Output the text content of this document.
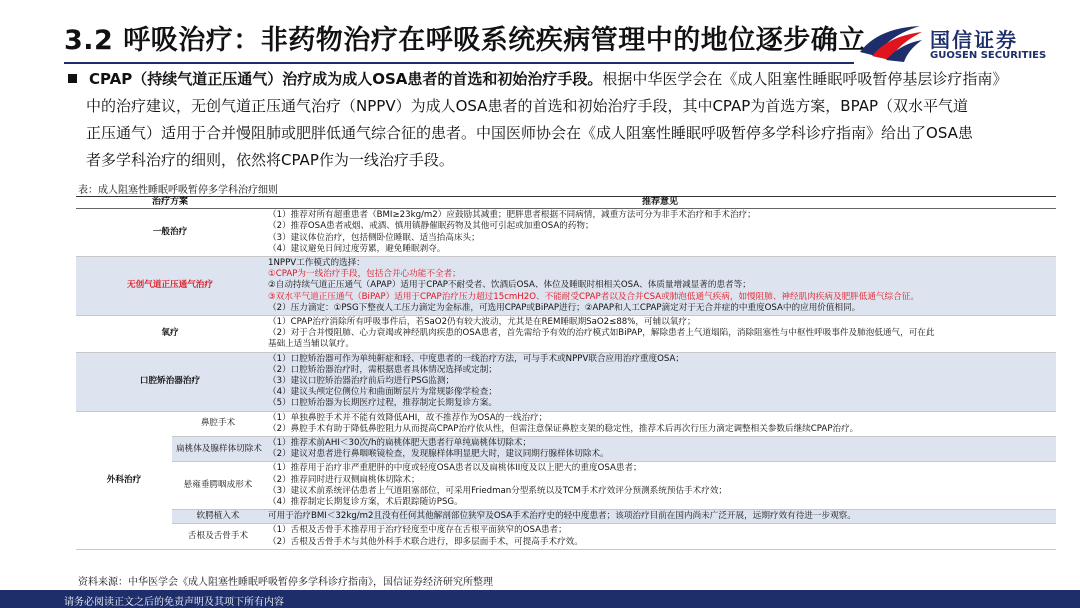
3.2 呼吸治疗：非药物治疗在呼吸系统疾病管理中的地位逐步确立	国信证券
GUOSEN SECURITIES
CPAP（持续气道正压通气）治疗成为成人OSA患者的首选和初始治疗手段。根据中华医学会在《成人阻塞性睡眠呼吸暂停基层诊疗指南》
中的治疗建议，无创气道正压通气治疗（NPPV）为成人OSA患者的首选和初始治疗手段，其中CPAP为首选方案，BPAP（双水平气道
正压通气）适用于合并慢阻肺或肥胖低通气综合征的患者。中国医师协会在《成人阻塞性睡眠呼吸暂停多学科诊疗指南》给出了OSA患
者多学科治疗的细则，依然将CPAP作为一线治疗手段。
表：成人阻塞性睡眠呼吸暂停多学科治疗细则
治疗方案		推荐意见
一般治疗		（1）推荐对所有超重患者（BMI≥23kg/m2）应鼓励其减重；肥胖患者根据不同病情，减重方法可分为非手术治疗和手术治疗；
（2）推荐OSA患者戒烟、戒酒、慎用镇静催眠药物及其他可引起或加重OSA的药物；
（3）建议体位治疗，包括侧卧位睡眠、适当抬高床头；
（4）建议避免日间过度劳累，避免睡眠剥夺。

无创气道正压通气治疗		1NPPV工作模式的选择：
①CPAP为一线治疗手段，包括合并心功能不全者；
②自动持续气道正压通气（APAP）适用于CPAP不耐受者、饮酒后OSA、体位及睡眠时相相关OSA、体质量增减显著的患者等；
③双水平气道正压通气（BiPAP）适用于CPAP治疗压力超过15cmH2O、不能耐受CPAP者以及合并CSA或肺泡低通气疾病，如慢阻肺、神经肌肉疾病及肥胖低通气综合征。
（2）压力滴定：①PSG下整夜人工压力滴定为金标准，可选用CPAP或BiPAP进行；②APAP和人工CPAP滴定对于无合并症的中重度OSA中的应用价值相同。

氧疗		（1）CPAP治疗消除所有呼吸事件后，若SaO2仍有较大波动，尤其是在REM睡眠期SaO2≤88%，可辅以氧疗；
（2）对于合并慢阻肺、心力衰竭或神经肌肉疾患的OSA患者，首先需给予有效的治疗模式如BiPAP，解除患者上气道塌陷，消除阻塞性与中枢性呼吸事件及肺泡低通气，可在此
基础上适当辅以氧疗。

口腔矫治器治疗		（1）口腔矫治器可作为单纯鼾症和轻、中度患者的一线治疗方法，可与手术或NPPV联合应用治疗重度OSA；
（2）口腔矫治器治疗时，需根据患者具体情况选择或定制；
（3）建议口腔矫治器治疗前后均进行PSG监测；
（4）建议头颅定位侧位片和曲面断层片为常规影像学检查；
（5）口腔矫治器为长期医疗过程，推荐制定长期复诊方案。

外科治疗	鼻腔手术	（1）单独鼻腔手术并不能有效降低AHI，故不推荐作为OSA的一线治疗；
（2）鼻腔手术有助于降低鼻腔阻力从而提高CPAP治疗依从性，但需注意保证鼻腔支架的稳定性，推荐术后再次行压力滴定调整相关参数后继续CPAP治疗。

	扁桃体及腺样体切除术	（1）推荐术前AHI＜30次/h的扁桃体肥大患者行单纯扁桃体切除术；
（2）建议对患者进行鼻咽喉镜检查，发现腺样体明显肥大时，建议同期行腺样体切除术。

	悬雍垂腭咽成形术	（1）推荐用于治疗非严重肥胖的中度或轻度OSA患者以及扁桃体II度及以上肥大的重度OSA患者；
（2）推荐同时进行双侧扁桃体切除术；
（3）建议术前系统评估患者上气道阻塞部位，可采用Friedman分型系统以及TCM手术疗效评分预测系统预估手术疗效；
（4）推荐制定长期复诊方案，术后跟踪随访PSG。

	软腭植入术	可用于治疗BMI＜32kg/m2且没有任何其他解剖部位狭窄及OSA手术治疗史的轻中度患者；该项治疗目前在国内尚未广泛开展，远期疗效有待进一步观察。

	舌根及舌骨手术	（1）舌根及舌骨手术推荐用于治疗轻度至中度存在舌根平面狭窄的OSA患者；
（2）舌根及舌骨手术与其他外科手术联合进行，即多层面手术，可提高手术疗效。
资料来源：中华医学会《成人阻塞性睡眠呼吸暂停多学科诊疗指南》，国信证券经济研究所整理
请务必阅读正文之后的免责声明及其项下所有内容
